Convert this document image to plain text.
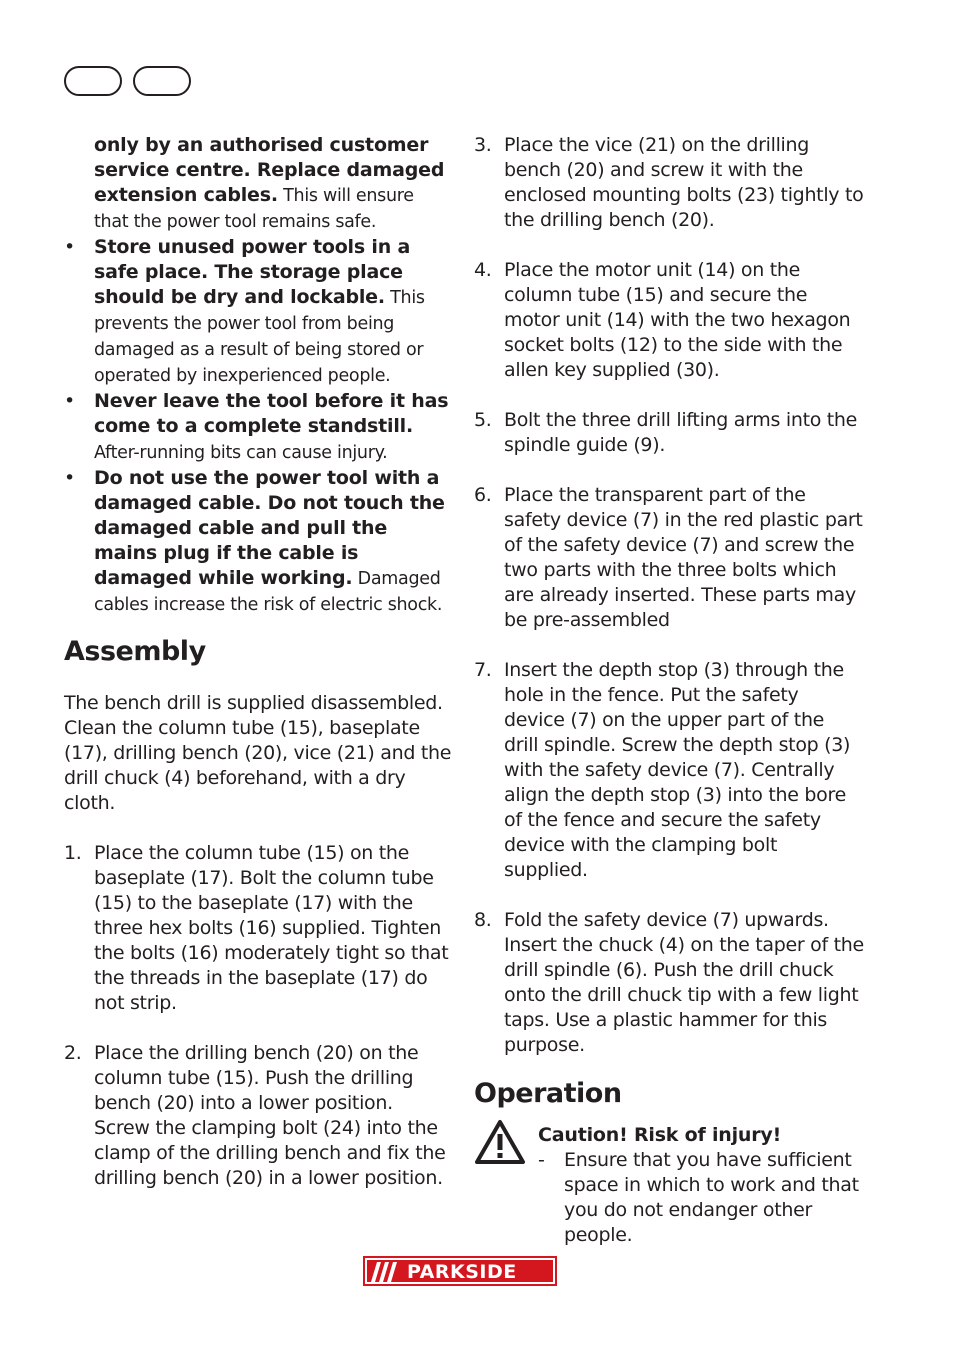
only by an authorised customer service centre. Replace damaged extension cables. This will ensure that the power tool remains safe.
•	Store unused power tools in a safe place. The storage place should be dry and lockable. This prevents the power tool from being damaged as a result of being stored or operated by inexperienced people.
•	Never leave the tool before it has come to a complete standstill. After-running bits can cause injury.
•	Do not use the power tool with a damaged cable. Do not touch the damaged cable and pull the mains plug if the cable is damaged while working. Damaged cables increase the risk of electric shock.
Assembly
The bench drill is supplied disassembled. Clean the column tube (15), baseplate (17), drilling bench (20), vice (21) and the drill chuck (4) beforehand, with a dry cloth.
1. Place the column tube (15) on the baseplate (17). Bolt the column tube (15) to the baseplate (17) with the three hex bolts (16) supplied. Tighten the bolts (16) moderately tight so that the threads in the baseplate (17) do not strip.
2. Place the drilling bench (20) on the column tube (15). Push the drilling bench (20) into a lower position. Screw the clamping bolt (24) into the clamp of the drilling bench and fix the drilling bench (20) in a lower position.
3. Place the vice (21) on the drilling bench (20) and screw it with the enclosed mounting bolts (23) tightly to the drilling bench (20).
4. Place the motor unit (14) on the column tube (15) and secure the motor unit (14) with the two hexagon socket bolts (12) to the side with the allen key supplied (30).
5. Bolt the three drill lifting arms into the spindle guide (9).
6. Place the transparent part of the safety device (7) in the red plastic part of the safety device (7) and screw the two parts with the three bolts which are already inserted. These parts may be pre-assembled
7. Insert the depth stop (3) through the hole in the fence. Put the safety device (7) on the upper part of the drill spindle. Screw the depth stop (3) with the safety device (7). Centrally align the depth stop (3) into the bore of the fence and secure the safety device with the clamping bolt supplied.
8. Fold the safety device (7) upwards. Insert the chuck (4) on the taper of the drill spindle (6). Push the drill chuck onto the drill chuck tip with a few light taps. Use a plastic hammer for this purpose.
Operation
Caution! Risk of injury!
- Ensure that you have sufficient space in which to work and that you do not endanger other people.
PARKSIDE
